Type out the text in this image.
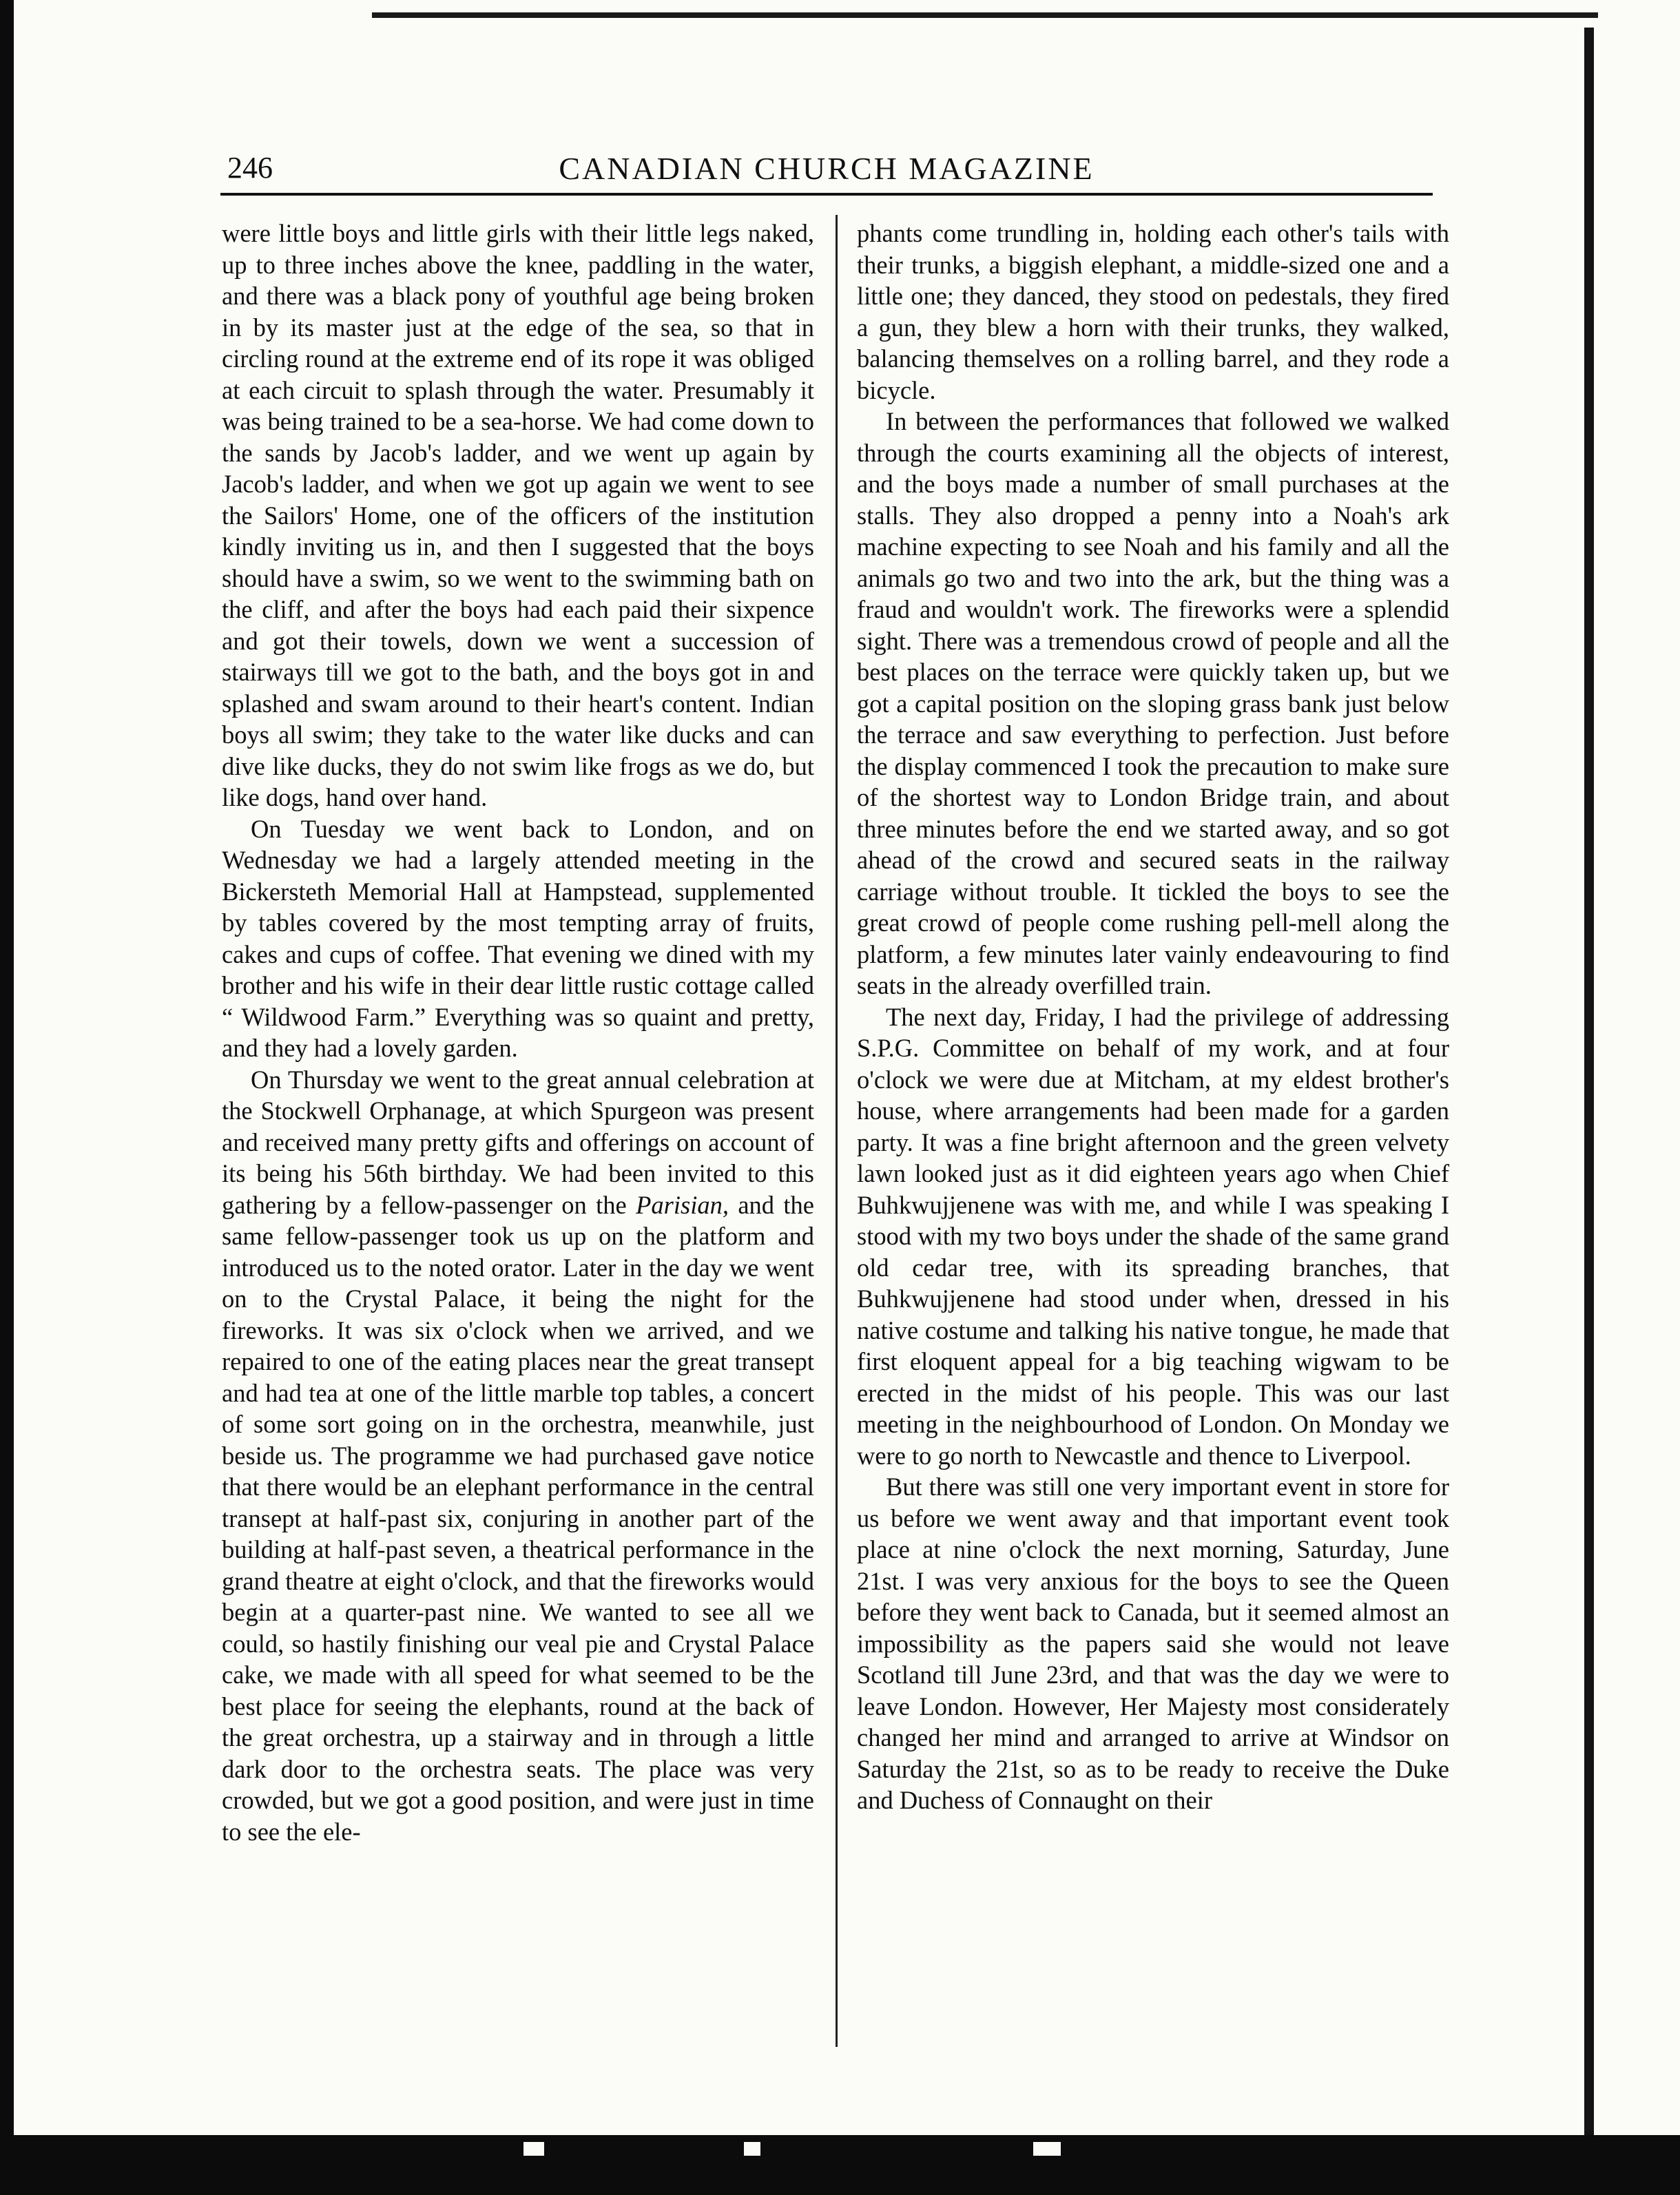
246	CANADIAN CHURCH MAGAZINE

were little boys and little girls with their little legs naked, up to three inches above the knee, paddling in the water, and there was a black pony of youthful age being broken in by its master just at the edge of the sea, so that in circling round at the extreme end of its rope it was obliged at each circuit to splash through the water. Presumably it was being trained to be a sea-horse. We had come down to the sands by Jacob's ladder, and we went up again by Jacob's ladder, and when we got up again we went to see the Sailors' Home, one of the officers of the institution kindly inviting us in, and then I suggested that the boys should have a swim, so we went to the swimming bath on the cliff, and after the boys had each paid their sixpence and got their towels, down we went a succession of stairways till we got to the bath, and the boys got in and splashed and swam around to their heart's content. Indian boys all swim; they take to the water like ducks and can dive like ducks, they do not swim like frogs as we do, but like dogs, hand over hand.

On Tuesday we went back to London, and on Wednesday we had a largely attended meeting in the Bickersteth Memorial Hall at Hampstead, supplemented by tables covered by the most tempting array of fruits, cakes and cups of coffee. That evening we dined with my brother and his wife in their dear little rustic cottage called “ Wildwood Farm.” Everything was so quaint and pretty, and they had a lovely garden.

On Thursday we went to the great annual celebration at the Stockwell Orphanage, at which Spurgeon was present and received many pretty gifts and offerings on account of its being his 56th birthday. We had been invited to this gathering by a fellow-passenger on the Parisian, and the same fellow-passenger took us up on the platform and introduced us to the noted orator. Later in the day we went on to the Crystal Palace, it being the night for the fireworks. It was six o'clock when we arrived, and we repaired to one of the eating places near the great transept and had tea at one of the little marble top tables, a concert of some sort going on in the orchestra, meanwhile, just beside us. The programme we had purchased gave notice that there would be an elephant performance in the central transept at half-past six, conjuring in another part of the building at half-past seven, a theatrical performance in the grand theatre at eight o'clock, and that the fireworks would begin at a quarter-past nine. We wanted to see all we could, so hastily finishing our veal pie and Crystal Palace cake, we made with all speed for what seemed to be the best place for seeing the elephants, round at the back of the great orchestra, up a stairway and in through a little dark door to the orchestra seats. The place was very crowded, but we got a good position, and were just in time to see the ele-

phants come trundling in, holding each other's tails with their trunks, a biggish elephant, a middle-sized one and a little one; they danced, they stood on pedestals, they fired a gun, they blew a horn with their trunks, they walked, balancing themselves on a rolling barrel, and they rode a bicycle.

In between the performances that followed we walked through the courts examining all the objects of interest, and the boys made a number of small purchases at the stalls. They also dropped a penny into a Noah's ark machine expecting to see Noah and his family and all the animals go two and two into the ark, but the thing was a fraud and wouldn't work. The fireworks were a splendid sight. There was a tremendous crowd of people and all the best places on the terrace were quickly taken up, but we got a capital position on the sloping grass bank just below the terrace and saw everything to perfection. Just before the display commenced I took the precaution to make sure of the shortest way to London Bridge train, and about three minutes before the end we started away, and so got ahead of the crowd and secured seats in the railway carriage without trouble. It tickled the boys to see the great crowd of people come rushing pell-mell along the platform, a few minutes later vainly endeavouring to find seats in the already overfilled train.

The next day, Friday, I had the privilege of addressing S.P.G. Committee on behalf of my work, and at four o'clock we were due at Mitcham, at my eldest brother's house, where arrangements had been made for a garden party. It was a fine bright afternoon and the green velvety lawn looked just as it did eighteen years ago when Chief Buhkwujjenene was with me, and while I was speaking I stood with my two boys under the shade of the same grand old cedar tree, with its spreading branches, that Buhkwujjenene had stood under when, dressed in his native costume and talking his native tongue, he made that first eloquent appeal for a big teaching wigwam to be erected in the midst of his people. This was our last meeting in the neighbourhood of London. On Monday we were to go north to Newcastle and thence to Liverpool.

But there was still one very important event in store for us before we went away and that important event took place at nine o'clock the next morning, Saturday, June 21st. I was very anxious for the boys to see the Queen before they went back to Canada, but it seemed almost an impossibility as the papers said she would not leave Scotland till June 23rd, and that was the day we were to leave London. However, Her Majesty most considerately changed her mind and arranged to arrive at Windsor on Saturday the 21st, so as to be ready to receive the Duke and Duchess of Connaught on their
